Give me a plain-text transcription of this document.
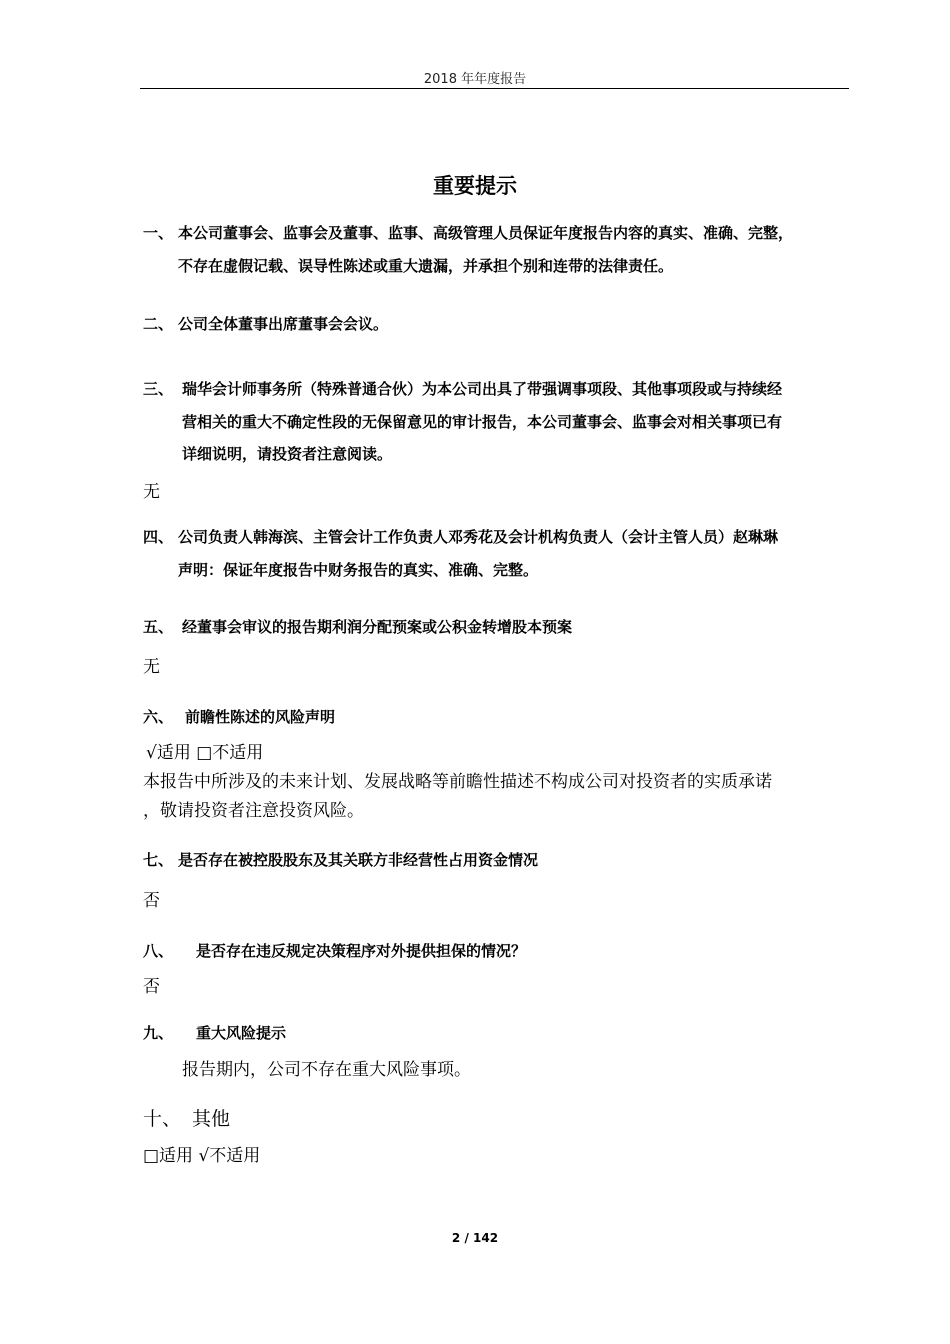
2018 年年度报告
重要提示
一、 本公司董事会、监事会及董事、监事、高级管理人员保证年度报告内容的真实、准确、完整，
不存在虚假记载、误导性陈述或重大遗漏，并承担个别和连带的法律责任。
二、 公司全体董事出席董事会会议。
三、 瑞华会计师事务所（特殊普通合伙）为本公司出具了带强调事项段、其他事项段或与持续经
营相关的重大不确定性段的无保留意见的审计报告，本公司董事会、监事会对相关事项已有
详细说明，请投资者注意阅读。
无
四、 公司负责人韩海滨、主管会计工作负责人邓秀花及会计机构负责人（会计主管人员）赵琳琳
声明：保证年度报告中财务报告的真实、准确、完整。
五、 经董事会审议的报告期利润分配预案或公积金转增股本预案
无
六、 前瞻性陈述的风险声明
√适用 □不适用
本报告中所涉及的未来计划、发展战略等前瞻性描述不构成公司对投资者的实质承诺
，敬请投资者注意投资风险。
七、 是否存在被控股股东及其关联方非经营性占用资金情况
否
八、 是否存在违反规定决策程序对外提供担保的情况？
否
九、 重大风险提示
报告期内，公司不存在重大风险事项。
十、 其他
□适用 √不适用
2 / 142
